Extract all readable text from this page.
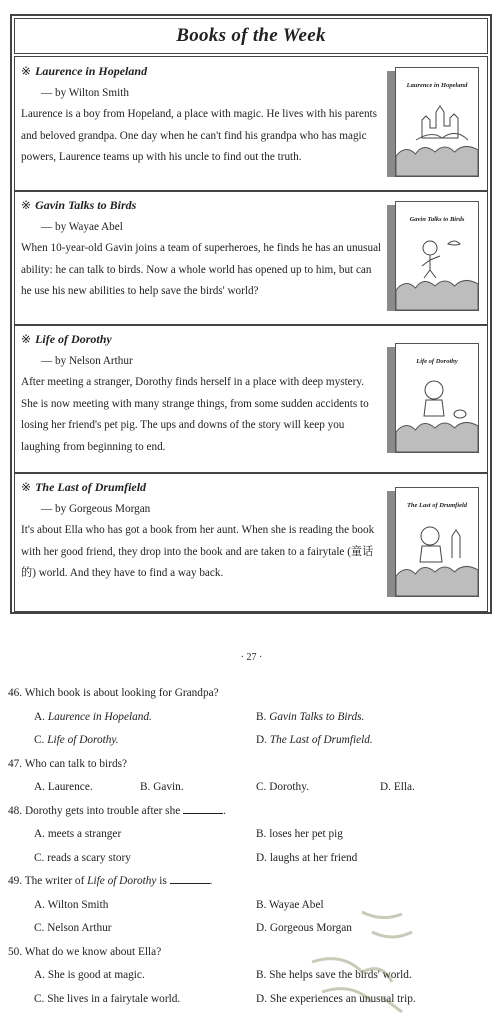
Books of the Week
※ Laurence in Hopeland
— by Wilton Smith
Laurence is a boy from Hopeland, a place with magic. He lives with his parents and beloved grandpa. One day when he can't find his grandpa who has magic powers, Laurence teams up with his uncle to find out the truth.
Laurence in Hopeland
※ Gavin Talks to Birds
— by Wayae Abel
When 10-year-old Gavin joins a team of superheroes, he finds he has an unusual ability: he can talk to birds. Now a whole world has opened up to him, but can he use his new abilities to help save the birds' world?
Gavin Talks to Birds
※ Life of Dorothy
— by Nelson Arthur
After meeting a stranger, Dorothy finds herself in a place with deep mystery. She is now meeting with many strange things, from some sudden accidents to losing her friend's pet pig. The ups and downs of the story will keep you laughing from beginning to end.
Life of Dorothy
※ The Last of Drumfield
— by Gorgeous Morgan
It's about Ella who has got a book from her aunt. When she is reading the book with her good friend, they drop into the book and are taken to a fairytale (童话的) world. And they have to find a way back.
The Last of Drumfield
· 27 ·
46. Which book is about looking for Grandpa?
A. Laurence in Hopeland.	B. Gavin Talks to Birds.
C. Life of Dorothy.	D. The Last of Drumfield.
47. Who can talk to birds?
A. Laurence.	B. Gavin.	C. Dorothy.	D. Ella.
48. Dorothy gets into trouble after she	.
A. meets a stranger	B. loses her pet pig
C. reads a scary story	D. laughs at her friend
49. The writer of Life of Dorothy is	.
A. Wilton Smith	B. Wayae Abel
C. Nelson Arthur	D. Gorgeous Morgan
50. What do we know about Ella?
A. She is good at magic.	B. She helps save the birds' world.
C. She lives in a fairytale world.	D. She experiences an unusual trip.
